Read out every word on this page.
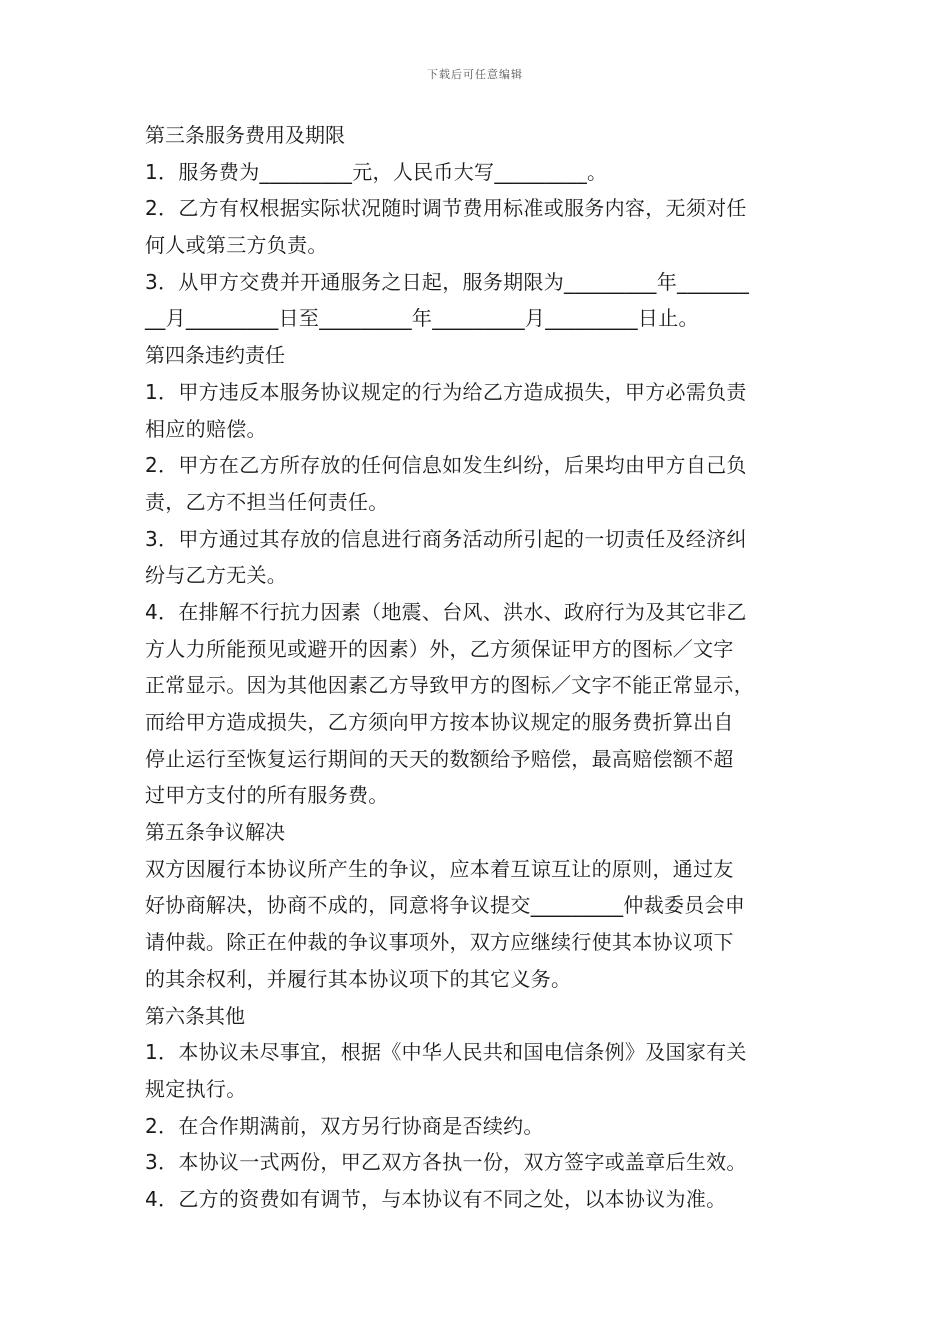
下载后可任意编辑
第三条服务费用及期限
1．服务费为_________元，人民币大写_________。
2．乙方有权根据实际状况随时调节费用标准或服务内容，无须对任
何人或第三方负责。
3．从甲方交费并开通服务之日起，服务期限为_________年_______
__月_________日至_________年_________月_________日止。
第四条违约责任
1．甲方违反本服务协议规定的行为给乙方造成损失，甲方必需负责
相应的赔偿。
2．甲方在乙方所存放的任何信息如发生纠纷，后果均由甲方自己负
责，乙方不担当任何责任。
3．甲方通过其存放的信息进行商务活动所引起的一切责任及经济纠
纷与乙方无关。
4．在排解不行抗力因素（地震、台风、洪水、政府行为及其它非乙
方人力所能预见或避开的因素）外，乙方须保证甲方的图标／文字
正常显示。因为其他因素乙方导致甲方的图标／文字不能正常显示，
而给甲方造成损失，乙方须向甲方按本协议规定的服务费折算出自
停止运行至恢复运行期间的天天的数额给予赔偿，最高赔偿额不超
过甲方支付的所有服务费。
第五条争议解决
双方因履行本协议所产生的争议，应本着互谅互让的原则，通过友
好协商解决，协商不成的，同意将争议提交_________仲裁委员会申
请仲裁。除正在仲裁的争议事项外，双方应继续行使其本协议项下
的其余权利，并履行其本协议项下的其它义务。
第六条其他
1．本协议未尽事宜，根据《中华人民共和国电信条例》及国家有关
规定执行。
2．在合作期满前，双方另行协商是否续约。
3．本协议一式两份，甲乙双方各执一份，双方签字或盖章后生效。
4．乙方的资费如有调节，与本协议有不同之处，以本协议为准。
